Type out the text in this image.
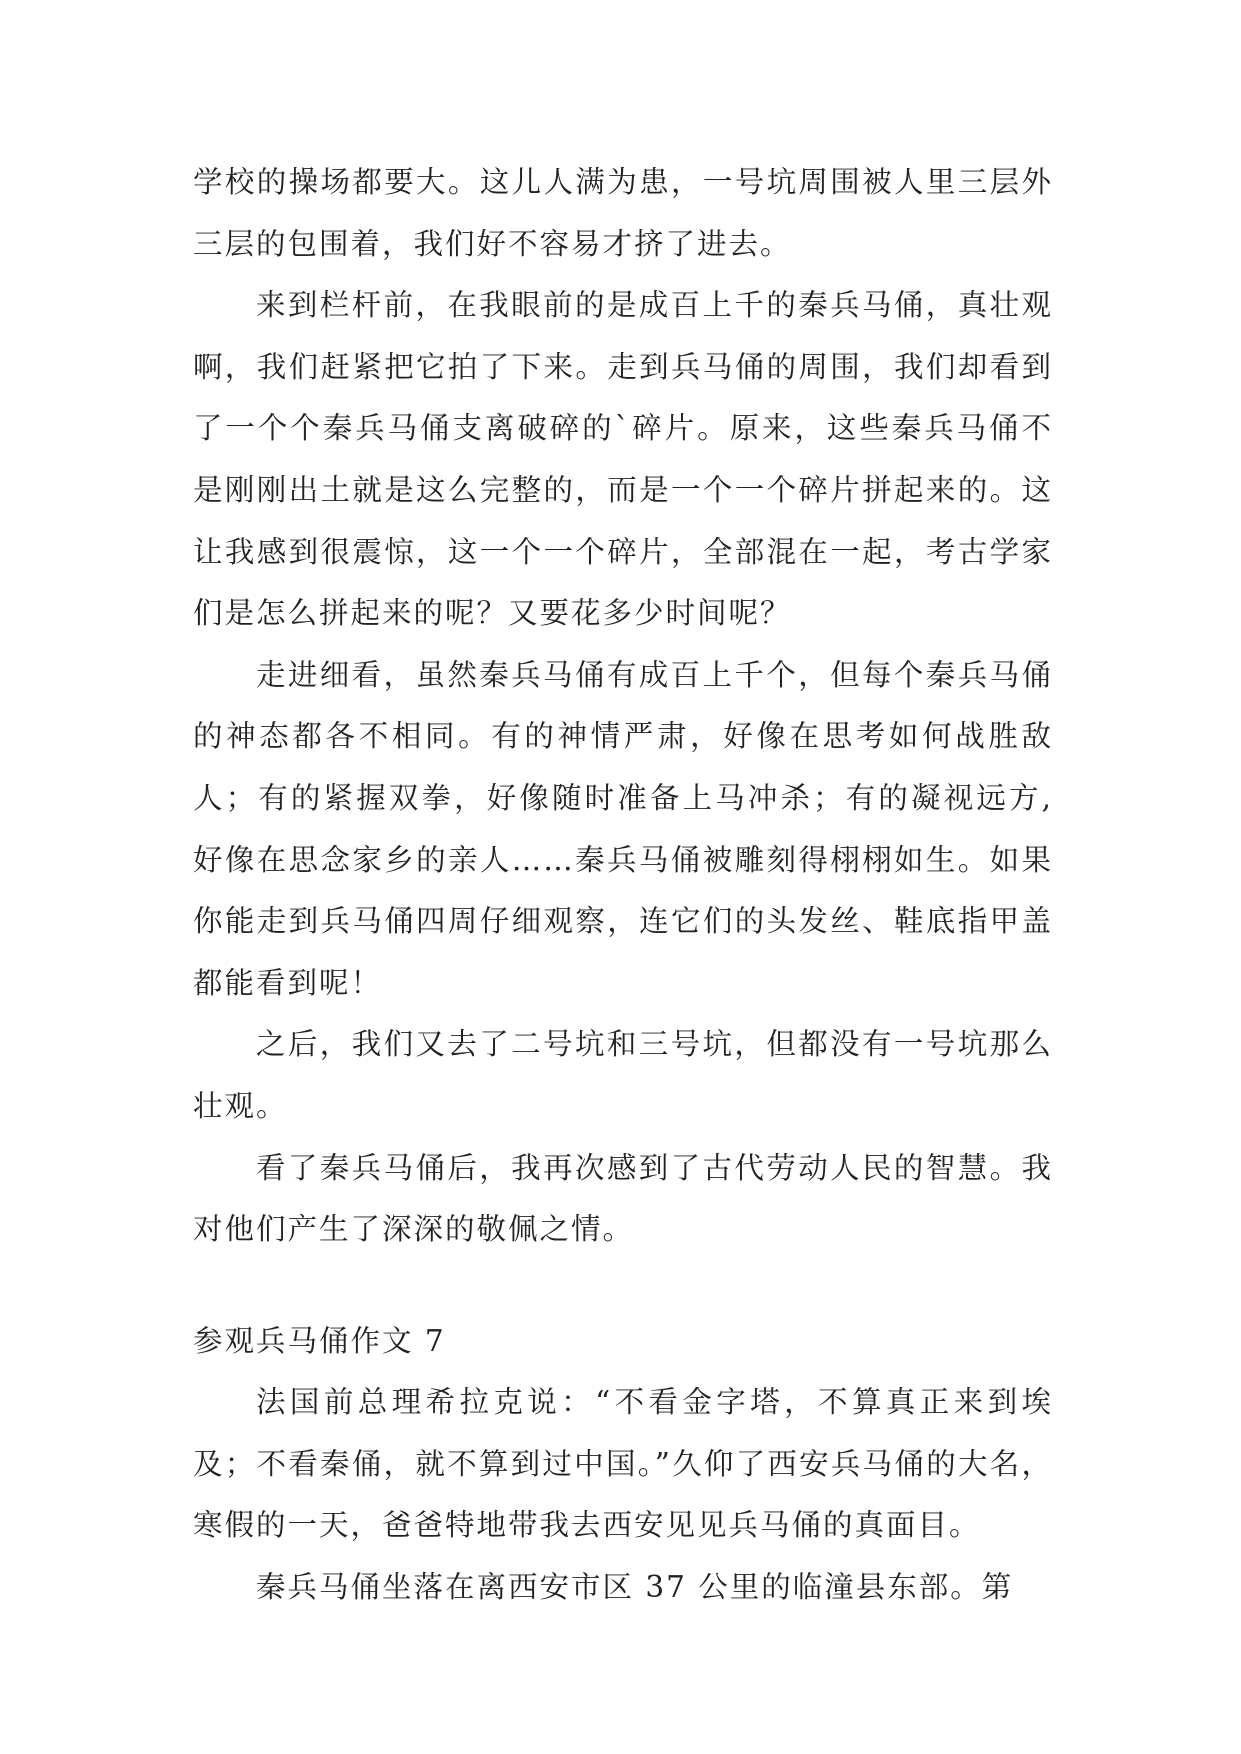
学校的操场都要大。这儿人满为患，一号坑周围被人里三层外三层的包围着，我们好不容易才挤了进去。

来到栏杆前，在我眼前的是成百上千的秦兵马俑，真壮观啊，我们赶紧把它拍了下来。走到兵马俑的周围，我们却看到了一个个秦兵马俑支离破碎的`碎片。原来，这些秦兵马俑不是刚刚出土就是这么完整的，而是一个一个碎片拼起来的。这让我感到很震惊，这一个一个碎片，全部混在一起，考古学家们是怎么拼起来的呢？又要花多少时间呢？

走进细看，虽然秦兵马俑有成百上千个，但每个秦兵马俑的神态都各不相同。有的神情严肃，好像在思考如何战胜敌人；有的紧握双拳，好像随时准备上马冲杀；有的凝视远方,好像在思念家乡的亲人……秦兵马俑被雕刻得栩栩如生。如果你能走到兵马俑四周仔细观察，连它们的头发丝、鞋底指甲盖都能看到呢！

之后，我们又去了二号坑和三号坑，但都没有一号坑那么壮观。

看了秦兵马俑后，我再次感到了古代劳动人民的智慧。我对他们产生了深深的敬佩之情。

参观兵马俑作文 7

法国前总理希拉克说：“不看金字塔，不算真正来到埃及；不看秦俑，就不算到过中国。”久仰了西安兵马俑的大名，寒假的一天，爸爸特地带我去西安见见兵马俑的真面目。

秦兵马俑坐落在离西安市区 37 公里的临潼县东部。第
